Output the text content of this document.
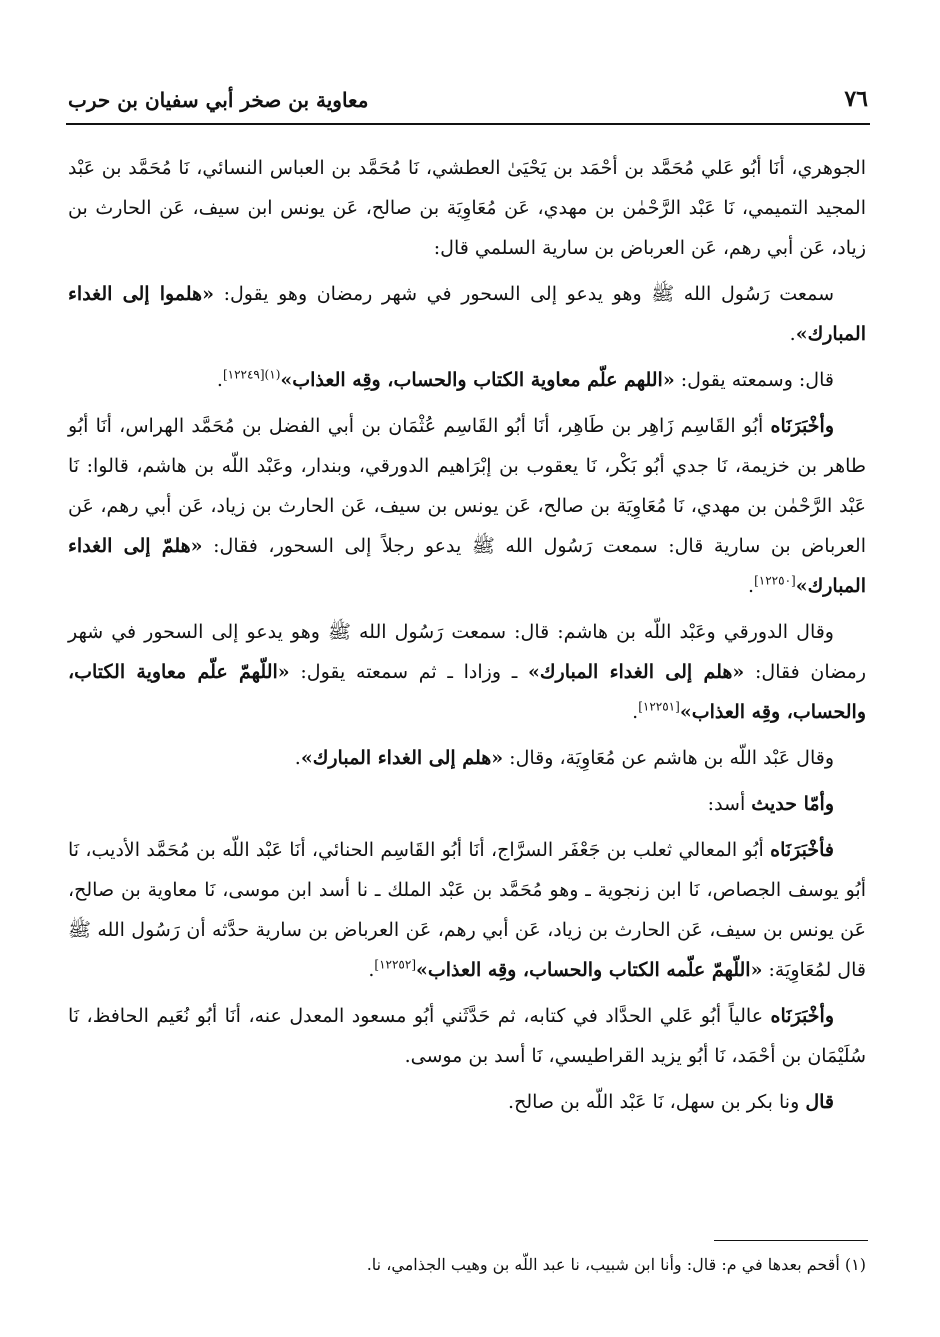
٧٦
معاوية بن صخر أبي سفيان بن حرب

الجوهري، أنَا أبُو عَلي مُحَمَّد بن أحْمَد بن يَحْيَىٰ العطشي، نَا مُحَمَّد بن العباس النسائي، نَا مُحَمَّد بن عَبْد المجيد التميمي، نَا عَبْد الرَّحْمٰن بن مهدي، عَن مُعَاوِيَة بن صالح، عَن يونس ابن سيف، عَن الحارث بن زياد، عَن أبي رهم، عَن العرباض بن سارية السلمي قال:

سمعت رَسُول الله ﷺ وهو يدعو إلى السحور في شهر رمضان وهو يقول: «هلموا إلى الغداء المبارك».

قال: وسمعته يقول: «اللهم علّم معاوية الكتاب والحساب، وقِه العذاب»$^{(١)[١٢٢٤٩]}$.

وأخْبَرَنَاه أبُو القَاسِم زَاهِر بن طَاهِر، أنَا أبُو القَاسِم عُثْمَان بن أبي الفضل بن مُحَمَّد الهراس، أنَا أبُو طاهر بن خزيمة، نَا جدي أبُو بَكْر، نَا يعقوب بن إبْرَاهيم الدورقي، وبندار، وعَبْد اللّه بن هاشم، قالوا: نَا عَبْد الرَّحْمٰن بن مهدي، نَا مُعَاوِيَة بن صالح، عَن يونس بن سيف، عَن الحارث بن زياد، عَن أبي رهم، عَن العرباض بن سارية قال: سمعت رَسُول الله ﷺ يدعو رجلاً إلى السحور، فقال: «هلمّ إلى الغداء المبارك»[١٢٢٥٠].

وقال الدورقي وعَبْد اللّه بن هاشم: قال: سمعت رَسُول الله ﷺ وهو يدعو إلى السحور في شهر رمضان فقال: «هلم إلى الغداء المبارك» ـ وزادا ـ ثم سمعته يقول: «اللّهمّ علّم معاوية الكتاب، والحساب، وقِه العذاب»[١٢٢٥١].

وقال عَبْد اللّه بن هاشم عن مُعَاوِيَة، وقال: «هلم إلى الغداء المبارك».

وأمّا حديث أسد:

فأخْبَرَنَاه أبُو المعالي ثعلب بن جَعْفَر السرَّاج، أنَا أبُو القَاسِم الحنائي، أنَا عَبْد اللّه بن مُحَمَّد الأديب، نَا أبُو يوسف الجصاص، نَا ابن زنجوية ـ وهو مُحَمَّد بن عَبْد الملك ـ نا أسد ابن موسى، نَا معاوية بن صالح، عَن يونس بن سيف، عَن الحارث بن زياد، عَن أبي رهم، عَن العرباض بن سارية حدَّثه أن رَسُول الله ﷺ قال لمُعَاوِيَة: «اللّهمّ علّمه الكتاب والحساب، وقِه العذاب»[١٢٢٥٢].

وأخْبَرَنَاه عالياً أبُو عَلي الحدَّاد في كتابه، ثم حَدَّثَني أبُو مسعود المعدل عنه، أنَا أبُو نُعَيم الحافظ، نَا سُلَيْمَان بن أحْمَد، نَا أبُو يزيد القراطيسي، نَا أسد بن موسى.

قال ونا بكر بن سهل، نَا عَبْد اللّه بن صالح.

(١) أقحم بعدها في م: قال: وأنا ابن شبيب، نا عبد اللّه بن وهيب الجذامي، نا.
